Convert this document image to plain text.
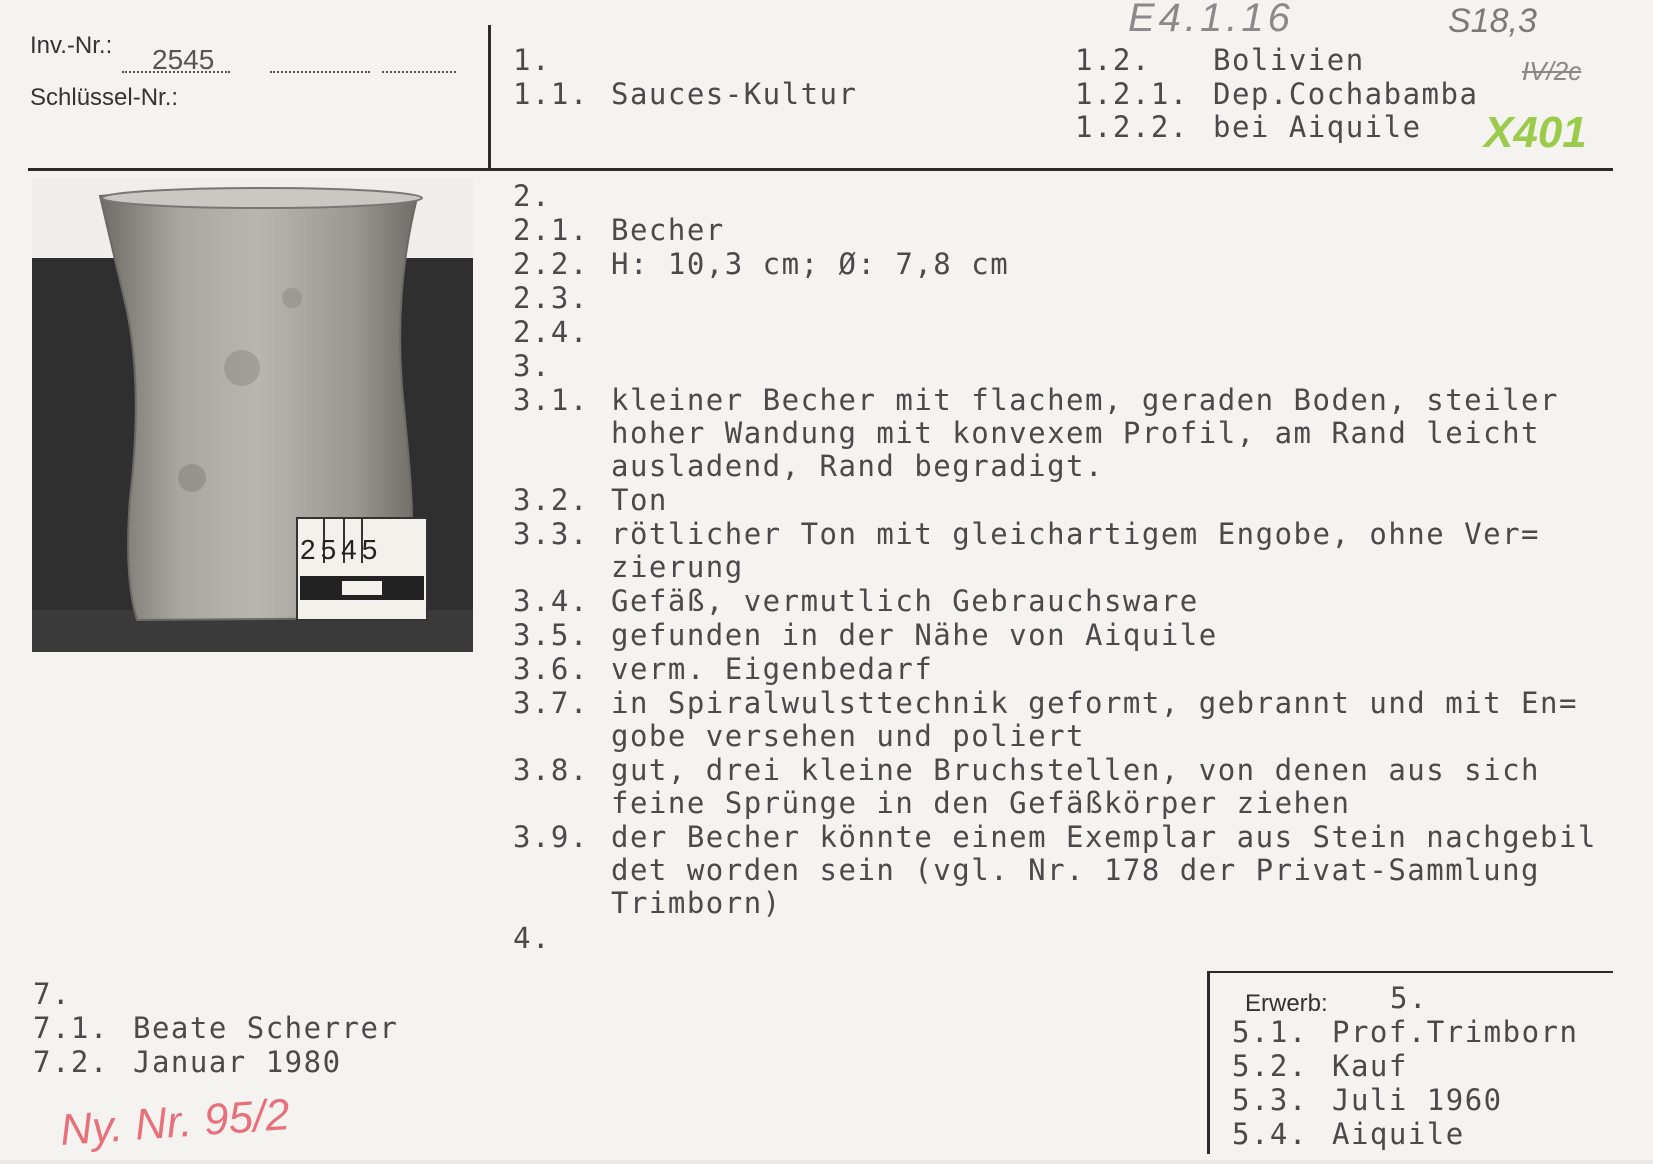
Inv.-Nr.: 2545
Schlüssel-Nr.:
1.
1.1. Sauces-Kultur
1.2. Bolivien
1.2.1. Dep.Cochabamba
1.2.2. bei Aiquile
E4.1.16	S18,3
IV/2c
X401
Ny. Nr. 95/2
2545
2.
2.1. Becher
2.2. H: 10,3 cm; Ø: 7,8 cm
2.3.
2.4.
3.
3.1. kleiner Becher mit flachem, geraden Boden, steiler
hoher Wandung mit konvexem Profil, am Rand leicht
ausladend, Rand begradigt.
3.2. Ton
3.3. rötlicher Ton mit gleichartigem Engobe, ohne Ver=
zierung
3.4. Gefäß, vermutlich Gebrauchsware
3.5. gefunden in der Nähe von Aiquile
3.6. verm. Eigenbedarf
3.7. in Spiralwulsttechnik geformt, gebrannt und mit En=
gobe versehen und poliert
3.8. gut, drei kleine Bruchstellen, von denen aus sich
feine Sprünge in den Gefäßkörper ziehen
3.9. der Becher könnte einem Exemplar aus Stein nachgebil
det worden sein (vgl. Nr. 178 der Privat-Sammlung
Trimborn)
4.
7.
7.1. Beate Scherrer
7.2. Januar 1980
Erwerb: 5.
5.1. Prof.Trimborn
5.2. Kauf
5.3. Juli 1960
5.4. Aiquile
